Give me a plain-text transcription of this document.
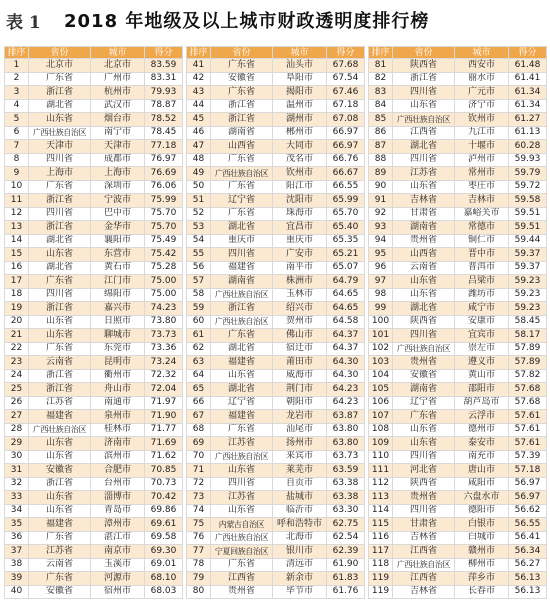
表 1	2018 年地级及以上城市财政透明度排行榜
排序	省份	城市	得分
1	北京市	北京市	83.59
2	广东省	广州市	83.31
3	浙江省	杭州市	79.93
4	湖北省	武汉市	78.87
5	山东省	烟台市	78.52
6	广西壮族自治区	南宁市	78.45
7	天津市	天津市	77.18
8	四川省	成都市	76.97
9	上海市	上海市	76.69
10	广东省	深圳市	76.06
11	浙江省	宁波市	75.99
12	四川省	巴中市	75.70
13	浙江省	金华市	75.70
14	湖北省	襄阳市	75.49
15	山东省	东营市	75.42
16	湖北省	黄石市	75.28
17	广东省	江门市	75.00
18	四川省	绵阳市	75.00
19	浙江省	嘉兴市	74.23
20	山东省	日照市	73.80
21	山东省	聊城市	73.73
22	广东省	东莞市	73.36
23	云南省	昆明市	73.24
24	浙江省	衢州市	72.32
25	浙江省	舟山市	72.04
26	江苏省	南通市	71.97
27	福建省	泉州市	71.90
28	广西壮族自治区	桂林市	71.77
29	山东省	济南市	71.69
30	山东省	滨州市	71.62
31	安徽省	合肥市	70.85
32	浙江省	台州市	70.73
33	山东省	淄博市	70.42
34	山东省	青岛市	69.86
35	福建省	漳州市	69.61
36	广东省	湛江市	69.58
37	江苏省	南京市	69.30
38	云南省	玉溪市	69.01
39	广东省	河源市	68.10
40	安徽省	宿州市	68.03
排序	省份	城市	得分
41	广东省	汕头市	67.68
42	安徽省	阜阳市	67.54
43	广东省	揭阳市	67.46
44	浙江省	温州市	67.18
45	浙江省	湖州市	67.08
46	湖南省	郴州市	66.97
47	山西省	大同市	66.97
48	广东省	茂名市	66.76
49	广西壮族自治区	钦州市	66.67
50	广东省	阳江市	66.55
51	辽宁省	沈阳市	65.99
52	广东省	珠海市	65.70
53	湖北省	宜昌市	65.40
54	重庆市	重庆市	65.35
55	四川省	广安市	65.21
56	福建省	南平市	65.07
57	湖南省	株洲市	64.79
58	广西壮族自治区	玉林市	64.65
59	浙江省	绍兴市	64.65
60	广西壮族自治区	贺州市	64.58
61	广东省	佛山市	64.37
62	湖北省	宿迁市	64.37
63	福建省	莆田市	64.30
64	山东省	威海市	64.30
65	湖北省	荆门市	64.23
66	辽宁省	朝阳市	64.23
67	福建省	龙岩市	63.87
68	广东省	汕尾市	63.80
69	江苏省	扬州市	63.80
70	广西壮族自治区	来宾市	63.73
71	山东省	莱芜市	63.59
72	四川省	自贡市	63.38
73	江苏省	盐城市	63.38
74	山东省	临沂市	63.30
75	内蒙古自治区	呼和浩特市	62.75
76	广西壮族自治区	北海市	62.54
77	宁夏回族自治区	银川市	62.39
78	广东省	清远市	61.90
79	江西省	新余市	61.83
80	贵州省	毕节市	61.76
排序	省份	城市	得分
81	陕西省	西安市	61.48
82	浙江省	丽水市	61.41
83	四川省	广元市	61.34
84	山东省	济宁市	61.34
85	广西壮族自治区	钦州市	61.27
86	江西省	九江市	61.13
87	湖北省	十堰市	60.28
88	四川省	泸州市	59.93
89	江苏省	常州市	59.79
90	山东省	枣庄市	59.72
91	吉林省	吉林市	59.58
92	甘肃省	嘉峪关市	59.51
93	湖南省	常德市	59.51
94	贵州省	铜仁市	59.44
95	山西省	晋中市	59.37
96	云南省	普洱市	59.37
97	山东省	吕梁市	59.23
98	山东省	潍坊市	59.23
99	湖北省	咸宁市	59.23
100	陕西省	安康市	58.45
101	四川省	宜宾市	58.17
102	广西壮族自治区	崇左市	57.89
103	贵州省	遵义市	57.89
104	安徽省	黄山市	57.82
105	湖南省	邵阳市	57.68
106	辽宁省	葫芦岛市	57.68
107	广东省	云浮市	57.61
108	山东省	德州市	57.61
109	山东省	泰安市	57.61
110	四川省	南充市	57.39
111	河北省	唐山市	57.18
112	陕西省	咸阳市	56.97
113	贵州省	六盘水市	56.97
114	四川省	德阳市	56.62
115	甘肃省	白银市	56.55
116	吉林省	白城市	56.41
117	江西省	赣州市	56.34
118	广西壮族自治区	柳州市	56.27
119	江西省	萍乡市	56.13
119	吉林省	长春市	56.13
